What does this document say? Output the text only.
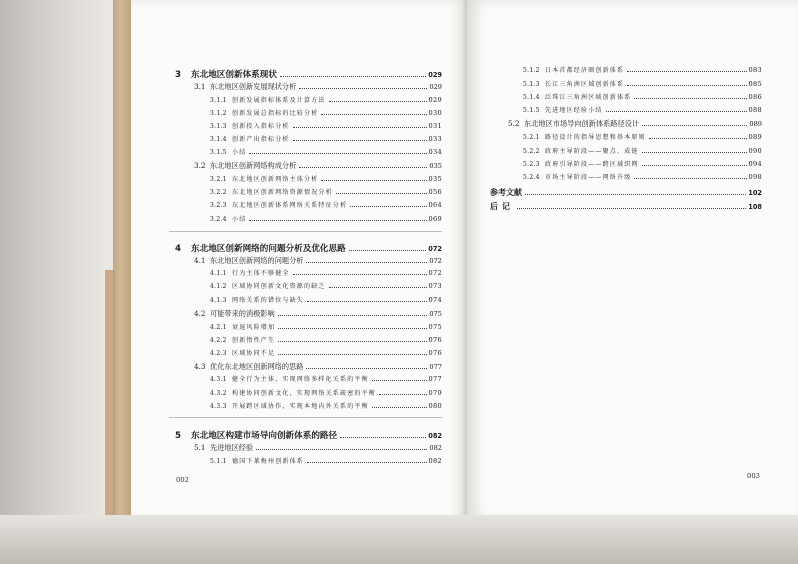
3	东北地区创新体系现状	029
3.1 东北地区创新发展现状分析	029
3.1.1 创新发展指标体系及计算方法	029
3.1.2 创新发展总指标的比较分析	030
3.1.3 创新投入指标分析	031
3.1.4 创新产出指标分析	033
3.1.5 小结	034
3.2 东北地区创新网络构成分析	035
3.2.1 东北地区创新网络主体分析	035
3.2.2 东北地区创新网络资源情况分析	056
3.2.3 东北地区创新体系网络关系特征分析	064
3.2.4 小结	069
4	东北地区创新网络的问题分析及优化思路	072
4.1 东北地区创新网络的问题分析	072
4.1.1 行为主体不够健全	072
4.1.2 区域协同创新文化资源的缺乏	073
4.1.3 网络关系的错位与缺失	074
4.2 可能带来的消极影响	075
4.2.1 衰退风险增加	075
4.2.2 创新惰性产生	076
4.2.3 区域协同不足	076
4.3 优化东北地区创新网络的思路	077
4.3.1 健全行为主体，实现网络多样化关系的平衡	077
4.3.2 构建协同创新文化，实现网络关系疏密的平衡	079
4.3.3 开展跨区域协作，实现本地内外关系的平衡	080
5	东北地区构建市场导向创新体系的路径	082
5.1 先进地区经验	082
5.1.1 德国下莱梅州创新体系	082
002
5.1.2 日本首都经济圈创新体系	083
5.1.3 长江三角洲区域创新体系	085
5.1.4 泛珠江三角洲区域创新体系	086
5.1.5 先进地区经验小结	088
5.2 东北地区市场导向创新体系路径设计	089
5.2.1 路径设计的指导思想和基本原则	089
5.2.2 政府主导阶段——聚点、成链	090
5.2.3 政府引导阶段——跨区域织网	094
5.2.4 市场主导阶段——网络升级	098
参考文献	102
后记	108
003
